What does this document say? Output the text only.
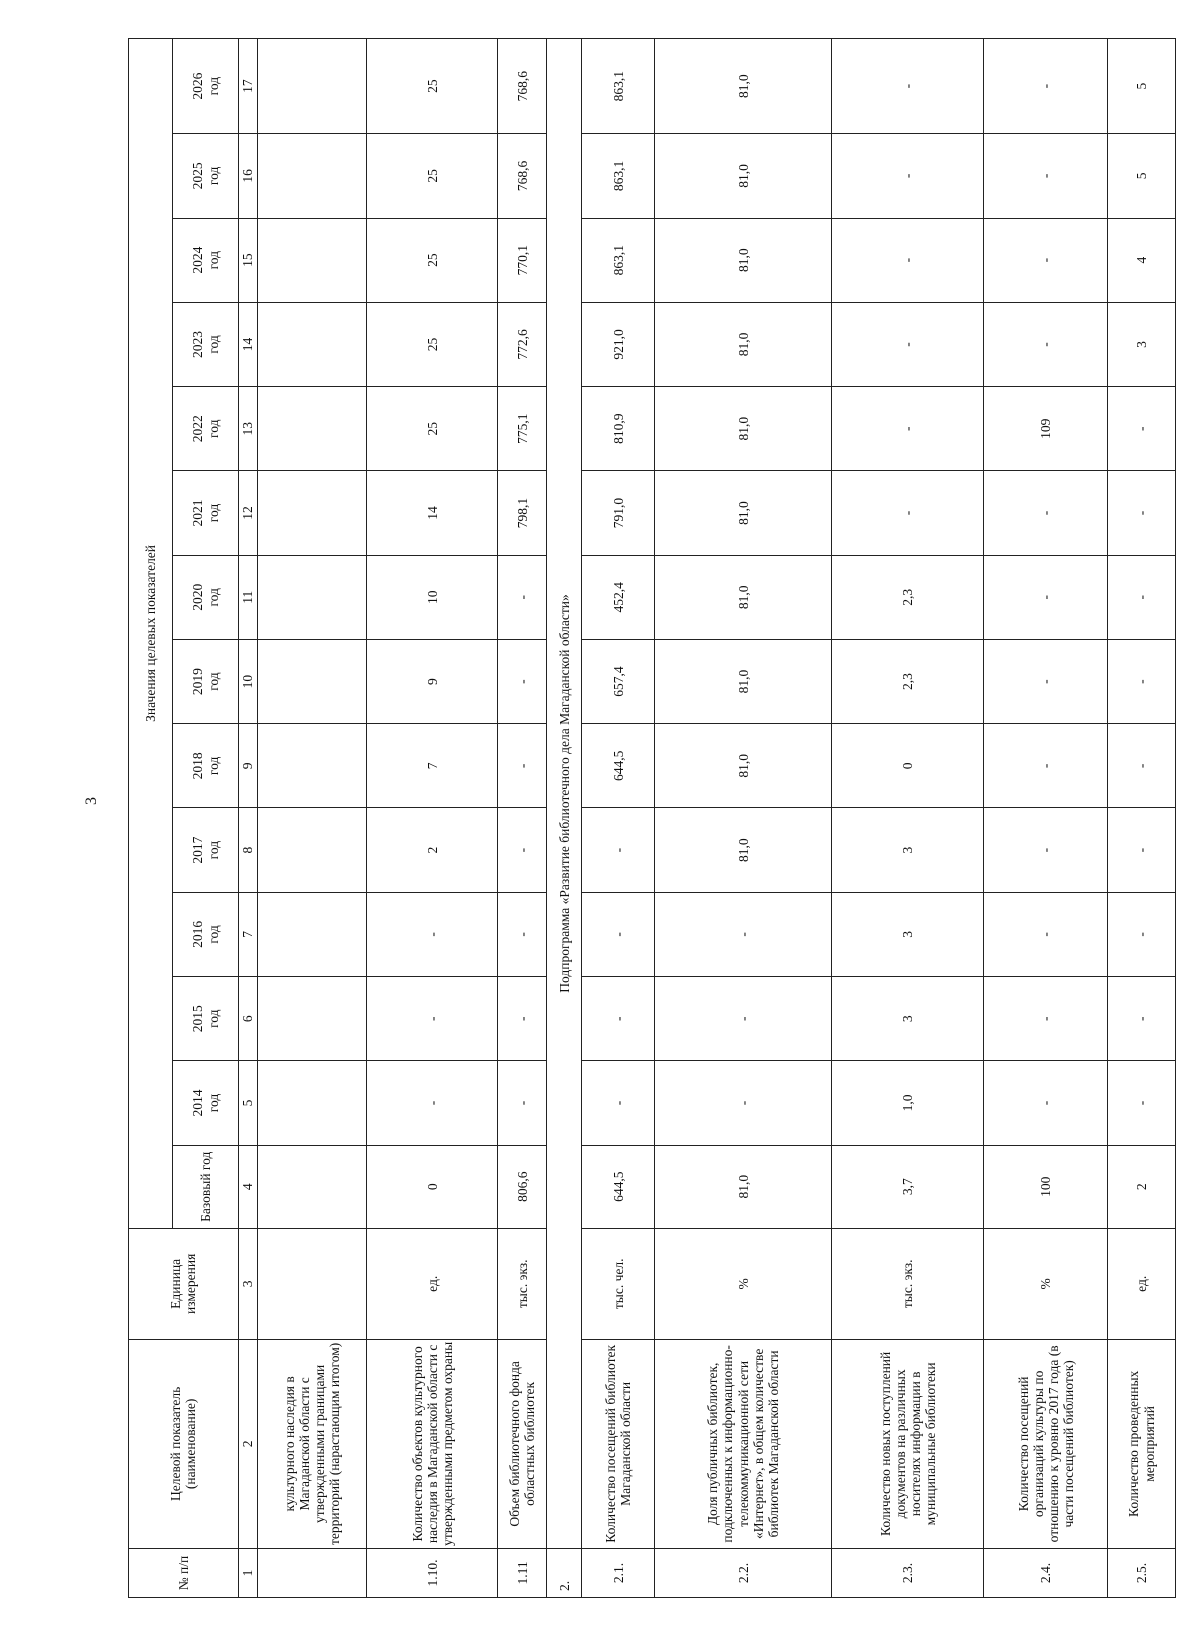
3
№ п/п	Целевой показатель (наименование)	Единица измерения	Значения целевых показателей													
			Базовый год	2014 год	2015 год	2016 год	2017 год	2018 год	2019 год	2020 год	2021 год	2022 год	2023 год	2024 год	2025 год	2026 год

1	2	3	4	5	6	7	8	9	10	11	12	13	14	15	16	17
	культурного наследия в Магаданской области с утвержденными границами территорий (нарастающим итогом)															
1.10.	Количество объектов культурного наследия в Магаданской области с утвержденными предметом охраны	ед.	0	-	-	-	2	7	9	10	14	25	25	25	25	25
1.11	Объем библиотечного фонда областных библиотек	тыс. экз.	806,6	-	-	-	-	-	-	-	798,1	775,1	772,6	770,1	768,6	768,6
2.	Подпрограмма «Развитие библиотечного дела Магаданской области»															
2.1.	Количество посещений библиотек Магаданской области	тыс. чел.	644,5	-	-	-	-	644,5	657,4	452,4	791,0	810,9	921,0	863,1	863,1	863,1
2.2.	Доля публичных библиотек, подключенных к информационно-телекоммуникационной сети «Интернет», в общем количестве библиотек Магаданской области	%	81,0	-	-	-	81,0	81,0	81,0	81,0	81,0	81,0	81,0	81,0	81,0	81,0
2.3.	Количество новых поступлений документов на различных носителях информации в муниципальные библиотеки	тыс. экз.	3,7	1,0	3	3	3	0	2,3	2,3	-	-	-	-	-	-
2.4.	Количество посещений организаций культуры по отношению к уровню 2017 года (в части посещений библиотек)	%	100	-	-	-	-	-	-	-	-	109	-	-	-	-
2.5.	Количество проведенных мероприятий	ед.	2	-	-	-	-	-	-	-	-	-	3	4	5	5
